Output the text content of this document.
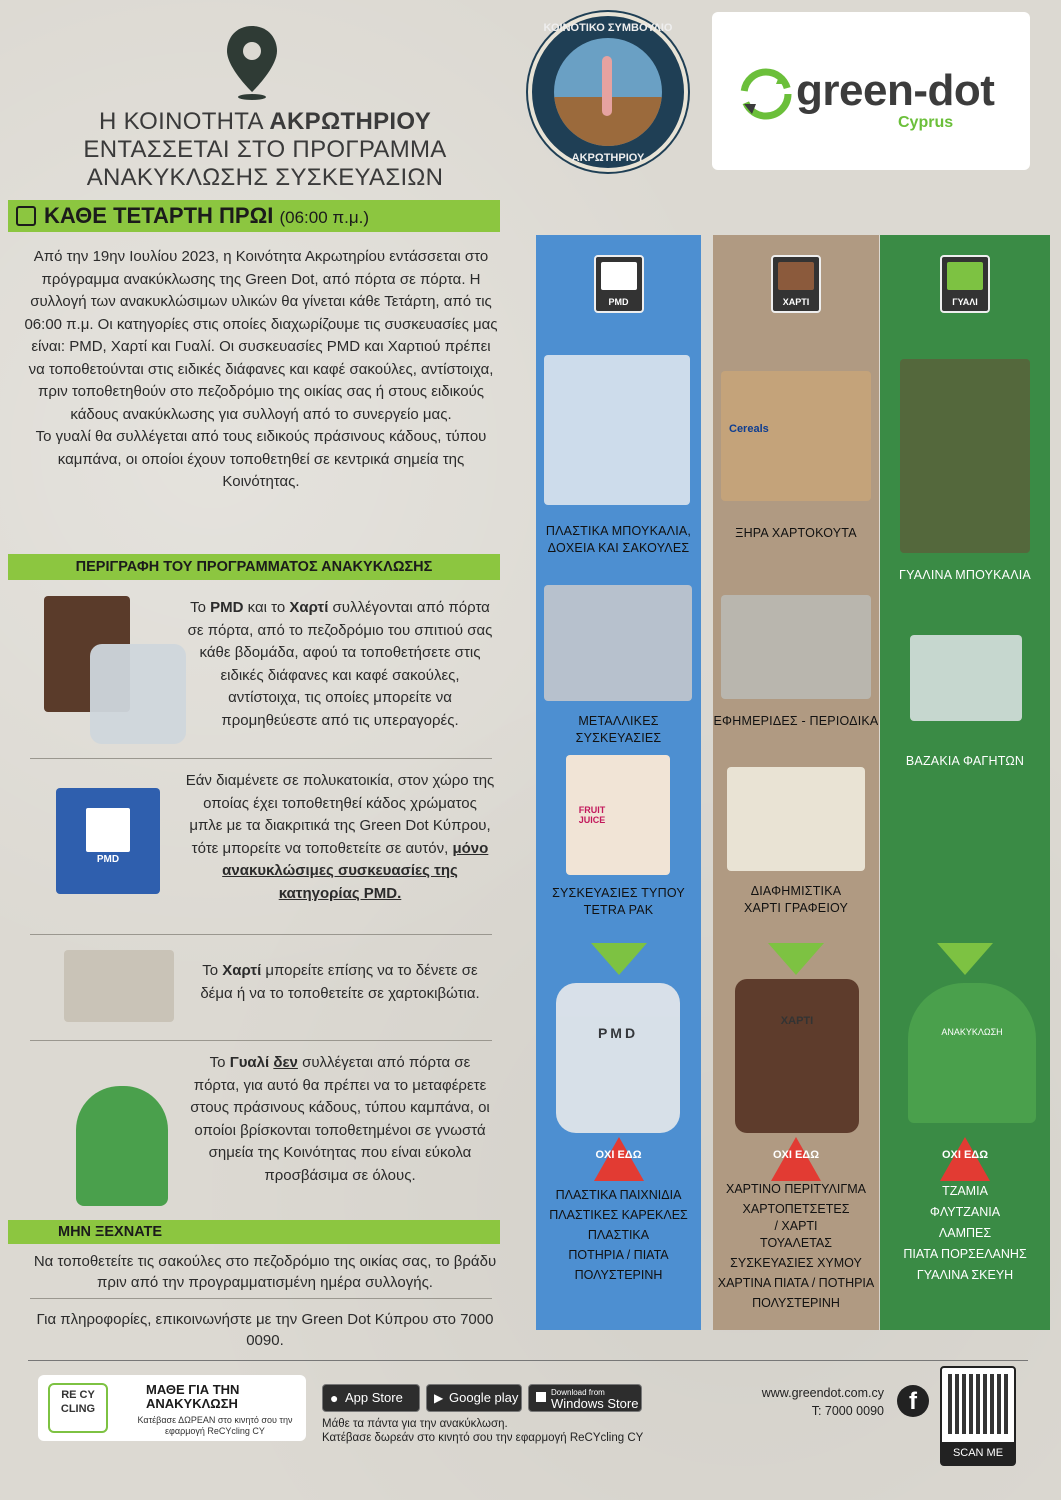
Η ΚΟΙΝΟΤΗΤΑ ΑΚΡΩΤΗΡΙΟΥ
ΕΝΤΑΣΣΕΤΑΙ ΣΤΟ ΠΡΟΓΡΑΜΜΑ
ΑΝΑΚΥΚΛΩΣΗΣ ΣΥΣΚΕΥΑΣΙΩΝ
ΚΟΙΝΟΤΙΚΟ ΣΥΜΒΟΥΛΙΟ
ΑΚΡΩΤΗΡΙΟΥ
green-dot
Cyprus
ΚΑΘΕ ΤΕΤΑΡΤΗ ΠΡΩΙ (06:00 π.μ.)
Από την 19ην Ιουλίου 2023, η Κοινότητα Ακρωτηρίου εντάσσεται στο πρόγραμμα ανακύκλωσης της Green Dot, από πόρτα σε πόρτα. Η συλλογή των ανακυκλώσιμων υλικών θα γίνεται κάθε Τετάρτη, από τις 06:00 π.μ. Οι κατηγορίες στις οποίες διαχωρίζουμε τις συσκευασίες μας είναι: PMD, Χαρτί και Γυαλί. Οι συσκευασίες PMD και Χαρτιού πρέπει να τοποθετούνται στις ειδικές διάφανες και καφέ σακούλες, αντίστοιχα, πριν τοποθετηθούν στο πεζοδρόμιο της οικίας σας ή στους ειδικούς κάδους ανακύκλωσης για συλλογή από το συνεργείο μας.
Το γυαλί θα συλλέγεται από τους ειδικούς πράσινους κάδους, τύπου καμπάνα, οι οποίοι έχουν τοποθετηθεί σε κεντρικά σημεία της Κοινότητας.
ΠΕΡΙΓΡΑΦΗ ΤΟΥ ΠΡΟΓΡΑΜΜΑΤΟΣ ΑΝΑΚΥΚΛΩΣΗΣ
Το PMD και το Χαρτί συλλέγονται από πόρτα σε πόρτα, από το πεζοδρόμιο του σπιτιού σας κάθε βδομάδα, αφού τα τοποθετήσετε στις ειδικές διάφανες και καφέ σακούλες, αντίστοιχα, τις οποίες μπορείτε να προμηθεύεστε από τις υπεραγορές.
PMD
Εάν διαμένετε σε πολυκατοικία, στον χώρο της οποίας έχει τοποθετηθεί κάδος χρώματος μπλε με τα διακριτικά της Green Dot Κύπρου, τότε μπορείτε να τοποθετείτε σε αυτόν, μόνο ανακυκλώσιμες συσκευασίες της κατηγορίας PMD.
Το Χαρτί μπορείτε επίσης να το δένετε σε δέμα ή να το τοποθετείτε σε χαρτοκιβώτια.
Το Γυαλί δεν συλλέγεται από πόρτα σε πόρτα, για αυτό θα πρέπει να το μεταφέρετε στους πράσινους κάδους, τύπου καμπάνα, οι οποίοι βρίσκονται τοποθετημένοι σε γνωστά σημεία της Κοινότητας που είναι εύκολα προσβάσιμα σε όλους.
ΜΗΝ ΞΕΧΝΑΤΕ
Να τοποθετείτε τις σακούλες στο πεζοδρόμιο της οικίας σας, το βράδυ πριν από την προγραμματισμένη ημέρα συλλογής.
Για πληροφορίες, επικοινωνήστε με την Green Dot Κύπρου στο 7000 0090.
PMD
ΠΛΑΣΤΙΚΑ ΜΠΟΥΚΑΛΙΑ, ΔΟΧΕΙΑ ΚΑΙ ΣΑΚΟΥΛΕΣ
ΜΕΤΑΛΛΙΚΕΣ ΣΥΣΚΕΥΑΣΙΕΣ
FRUIT JUICE
ΣΥΣΚΕΥΑΣΙΕΣ ΤΥΠΟΥ TETRA PAK
PMD
ΟΧΙ ΕΔΩ
ΠΛΑΣΤΙΚΑ ΠΑΙΧΝΙΔΙΑ
ΠΛΑΣΤΙΚΕΣ ΚΑΡΕΚΛΕΣ
ΠΛΑΣΤΙΚΑ ΠΟΤΗΡΙΑ / ΠΙΑΤΑ
ΠΟΛΥΣΤΕΡΙΝΗ
ΧΑΡΤΙ
Cereals
ΞΗΡΑ ΧΑΡΤΟΚΟΥΤΑ
ΕΦΗΜΕΡΙΔΕΣ - ΠΕΡΙΟΔΙΚΑ
ΔΙΑΦΗΜΙΣΤΙΚΑ ΧΑΡΤΙ ΓΡΑΦΕΙΟΥ
ΧΑΡΤΙ
ΟΧΙ ΕΔΩ
ΧΑΡΤΙΝΟ ΠΕΡΙΤΥΛΙΓΜΑ
ΧΑΡΤΟΠΕΤΣΕΤΕΣ / ΧΑΡΤΙ ΤΟΥΑΛΕΤΑΣ
ΣΥΣΚΕΥΑΣΙΕΣ ΧΥΜΟΥ
ΧΑΡΤΙΝΑ ΠΙΑΤΑ / ΠΟΤΗΡΙΑ
ΠΟΛΥΣΤΕΡΙΝΗ
ΓΥΑΛΙ
ΓΥΑΛΙΝΑ ΜΠΟΥΚΑΛΙΑ
ΒΑΖΑΚΙΑ ΦΑΓΗΤΩΝ
ΑΝΑΚΥΚΛΩΣΗ
ΟΧΙ ΕΔΩ
ΤΖΑΜΙΑ
ΦΛΥΤΖΑΝΙΑ
ΛΑΜΠΕΣ
ΠΙΑΤΑ ΠΟΡΣΕΛΑΝΗΣ
ΓΥΑΛΙΝΑ ΣΚΕΥΗ
RE CY CLING
ΜΑΘΕ ΓΙΑ ΤΗΝ ΑΝΑΚΥΚΛΩΣΗ
Κατέβασε ΔΩΡΕΑΝ στο κινητό σου την εφαρμογή ReCYcling CY
● App Store	▶ Google play	Download from
Windows Store
Μάθε τα πάντα για την ανακύκλωση.
Κατέβασε δωρεάν στο κινητό σου την εφαρμογή ReCYcling CY
www.greendot.com.cy
T: 7000 0090	f
SCAN ME
